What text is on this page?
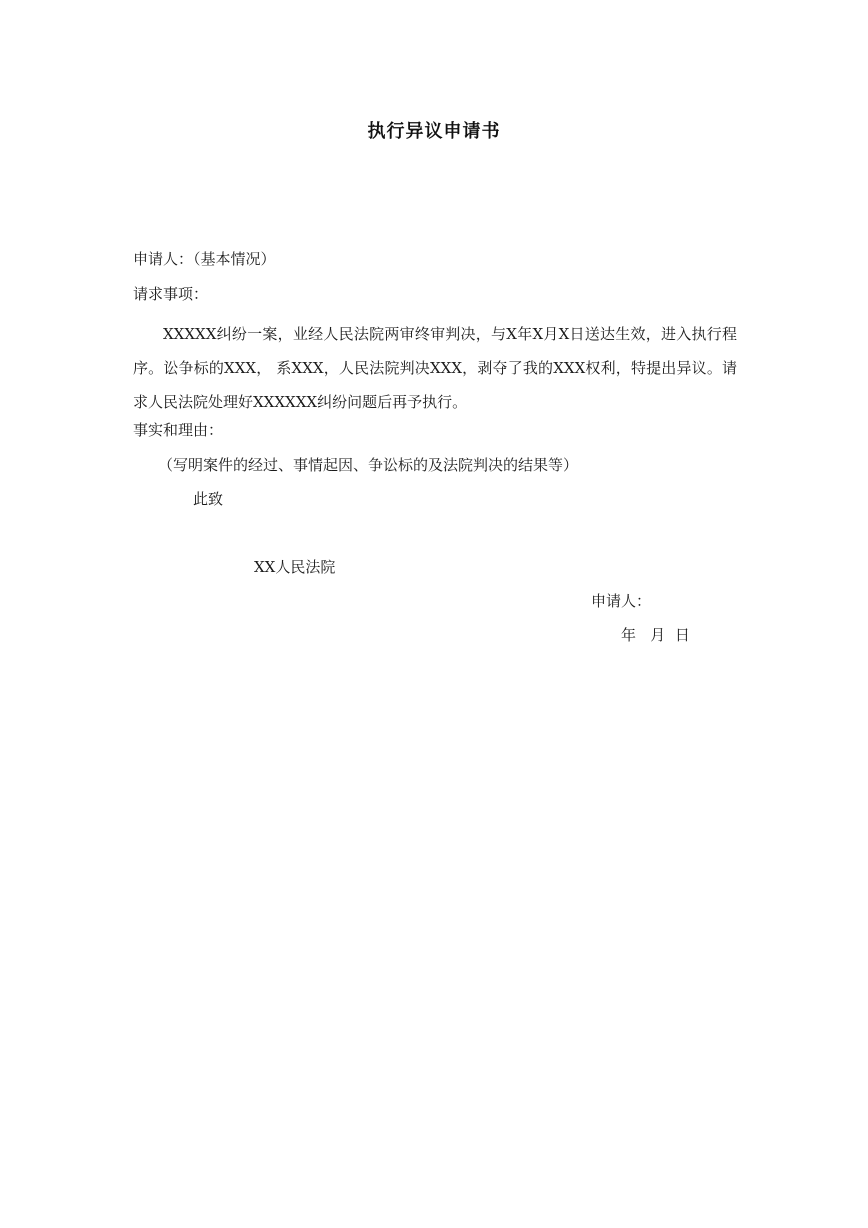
执行异议申请书
申请人：（基本情况）
请求事项：
XXXXX纠纷一案，业经人民法院两审终审判决，与X年X月X日送达生效，进入执行程序。讼争标的XXX， 系XXX，人民法院判决XXX，剥夺了我的XXX权利，特提出异议。请求人民法院处理好XXXXXX纠纷问题后再予执行。
事实和理由：
（写明案件的经过、事情起因、争讼标的及法院判决的结果等）
此致
XX人民法院
申请人：
年   月  日
